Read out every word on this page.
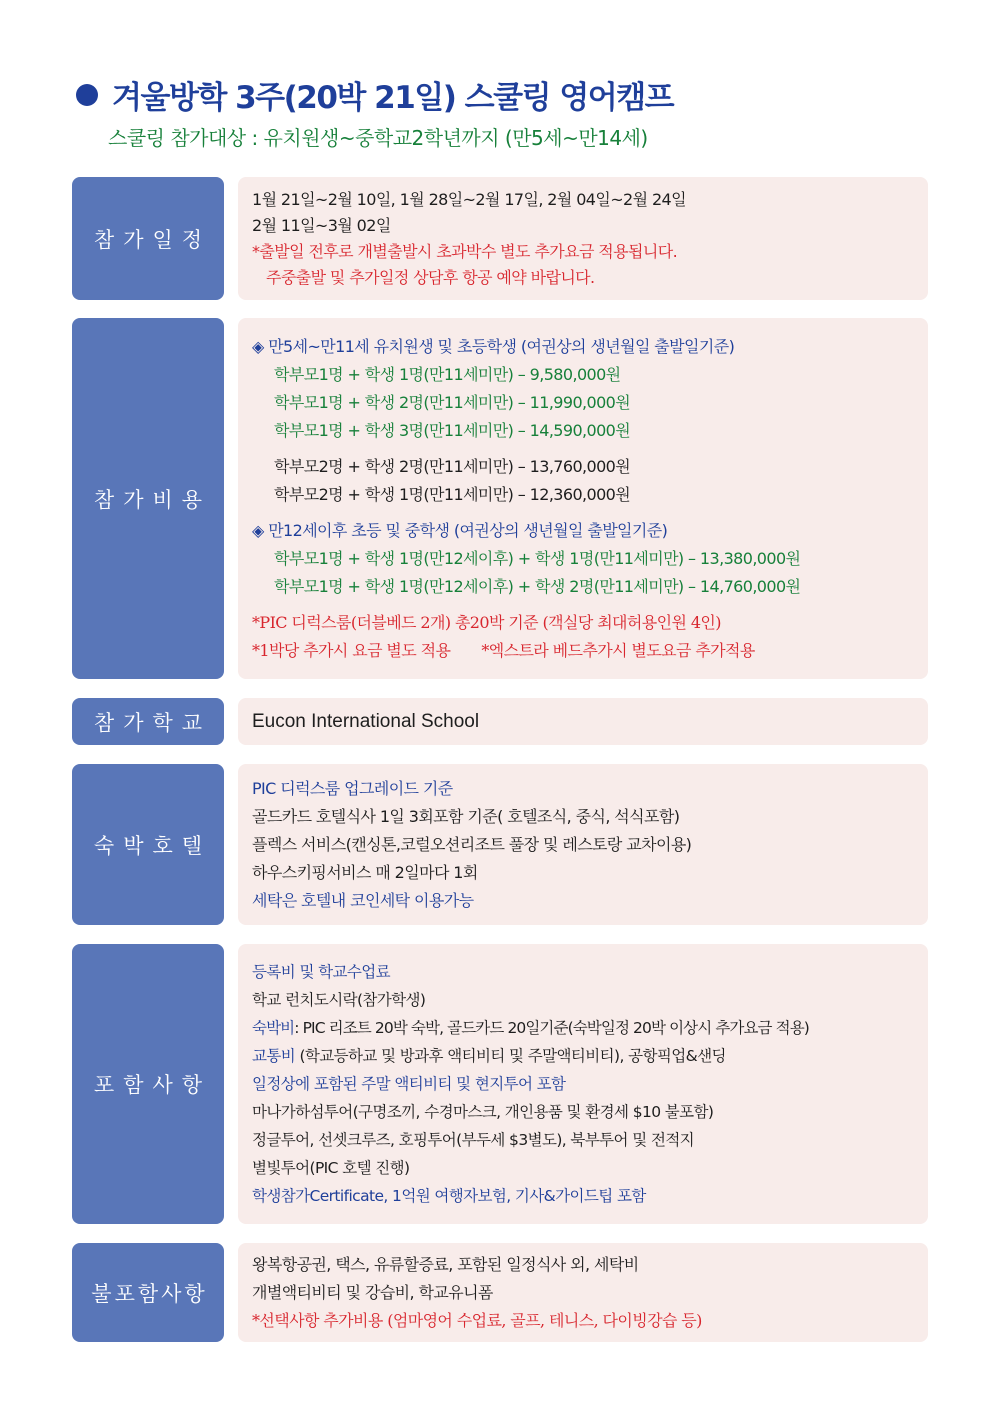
겨울방학 3주(20박 21일) 스쿨링 영어캠프
스쿨링 참가대상 : 유치원생~중학교2학년까지 (만5세~만14세)
참가일정
1월 21일~2월 10일, 1월 28일~2월 17일, 2월 04일~2월 24일
2월 11일~3월 02일
*출발일 전후로 개별출발시 초과박수 별도 추가요금 적용됩니다.
주중출발 및 추가일정 상담후 항공 예약 바랍니다.
참가비용
◈ 만5세~만11세 유치원생 및 초등학생 (여권상의 생년월일 출발일기준)
학부모1명 + 학생 1명(만11세미만) – 9,580,000원
학부모1명 + 학생 2명(만11세미만) – 11,990,000원
학부모1명 + 학생 3명(만11세미만) – 14,590,000원
학부모2명 + 학생 2명(만11세미만) – 13,760,000원
학부모2명 + 학생 1명(만11세미만) – 12,360,000원
◈ 만12세이후 초등 및 중학생 (여권상의 생년월일 출발일기준)
학부모1명 + 학생 1명(만12세이후) + 학생 1명(만11세미만) – 13,380,000원
학부모1명 + 학생 1명(만12세이후) + 학생 2명(만11세미만) – 14,760,000원
*PIC 디럭스룸(더블베드 2개) 총20박 기준 (객실당 최대허용인원 4인)
*1박당 추가시 요금 별도 적용 *엑스트라 베드추가시 별도요금 추가적용
참가학교	Eucon International School
숙박호텔
PIC 디럭스룸 업그레이드 기준
골드카드 호텔식사 1일 3회포함 기준( 호텔조식, 중식, 석식포함)
플렉스 서비스(캔싱톤,코럴오션리조트 풀장 및 레스토랑 교차이용)
하우스키핑서비스 매 2일마다 1회
세탁은 호텔내 코인세탁 이용가능
포함사항
등록비 및 학교수업료
학교 런치도시락(참가학생)
숙박비: PIC 리조트 20박 숙박, 골드카드 20일기준(숙박일정 20박 이상시 추가요금 적용)
교통비 (학교등하교 및 방과후 액티비티 및 주말액티비티), 공항픽업&샌딩
일정상에 포함된 주말 액티비티 및 현지투어 포함
마나가하섬투어(구명조끼, 수경마스크, 개인용품 및 환경세 $10 불포함)
정글투어, 선셋크루즈, 호핑투어(부두세 $3별도), 북부투어 및 전적지
별빛투어(PIC 호텔 진행)
학생참가Certificate, 1억원 여행자보험, 기사&가이드팁 포함
불포함사항
왕복항공권, 택스, 유류할증료, 포함된 일정식사 외, 세탁비
개별액티비티 및 강습비, 학교유니폼
*선택사항 추가비용 (엄마영어 수업료, 골프, 테니스, 다이빙강습 등)
